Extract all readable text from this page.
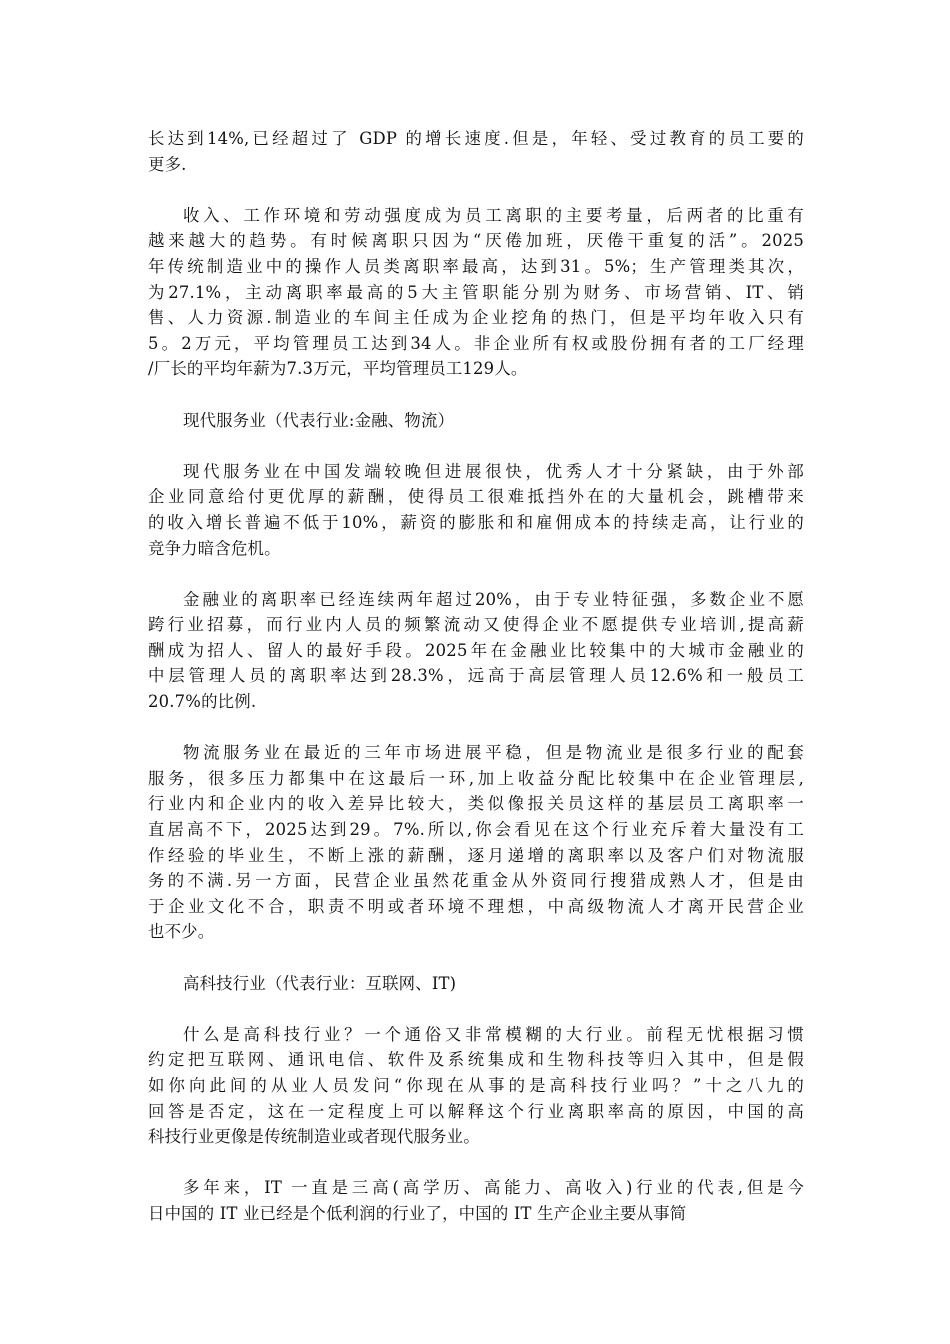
长达到14%,已经超过了 GDP 的增长速度.但是，年轻、受过教育的员工要的
更多.
收入、工作环境和劳动强度成为员工离职的主要考量，后两者的比重有
越来越大的趋势。有时候离职只因为“厌倦加班，厌倦干重复的活”。2025
年传统制造业中的操作人员类离职率最高，达到31。5%；生产管理类其次，
为27.1%，主动离职率最高的5大主管职能分别为财务、市场营销、IT、销
售、人力资源.制造业的车间主任成为企业挖角的热门，但是平均年收入只有
5。2万元，平均管理员工达到34人。非企业所有权或股份拥有者的工厂经理
/厂长的平均年薪为7.3万元，平均管理员工129人。
现代服务业（代表行业:金融、物流）
现代服务业在中国发端较晚但进展很快，优秀人才十分紧缺，由于外部
企业同意给付更优厚的薪酬，使得员工很难抵挡外在的大量机会，跳槽带来
的收入增长普遍不低于10%，薪资的膨胀和和雇佣成本的持续走高，让行业的
竞争力暗含危机。
金融业的离职率已经连续两年超过20%，由于专业特征强，多数企业不愿
跨行业招募，而行业内人员的频繁流动又使得企业不愿提供专业培训,提高薪
酬成为招人、留人的最好手段。2025年在金融业比较集中的大城市金融业的
中层管理人员的离职率达到28.3%，远高于高层管理人员12.6%和一般员工
20.7%的比例.
物流服务业在最近的三年市场进展平稳，但是物流业是很多行业的配套
服务，很多压力都集中在这最后一环,加上收益分配比较集中在企业管理层,
行业内和企业内的收入差异比较大，类似像报关员这样的基层员工离职率一
直居高不下，2025达到29。7%.所以,你会看见在这个行业充斥着大量没有工
作经验的毕业生，不断上涨的薪酬，逐月递增的离职率以及客户们对物流服
务的不满.另一方面，民营企业虽然花重金从外资同行搜猎成熟人才，但是由
于企业文化不合，职责不明或者环境不理想，中高级物流人才离开民营企业
也不少。
高科技行业（代表行业：互联网、IT)
什么是高科技行业？一个通俗又非常模糊的大行业。前程无忧根据习惯
约定把互联网、通讯电信、软件及系统集成和生物科技等归入其中，但是假
如你向此间的从业人员发问“你现在从事的是高科技行业吗？”十之八九的
回答是否定，这在一定程度上可以解释这个行业离职率高的原因，中国的高
科技行业更像是传统制造业或者现代服务业。
多年来，IT 一直是三高(高学历、高能力、高收入)行业的代表,但是今
日中国的 IT 业已经是个低利润的行业了，中国的 IT 生产企业主要从事简
